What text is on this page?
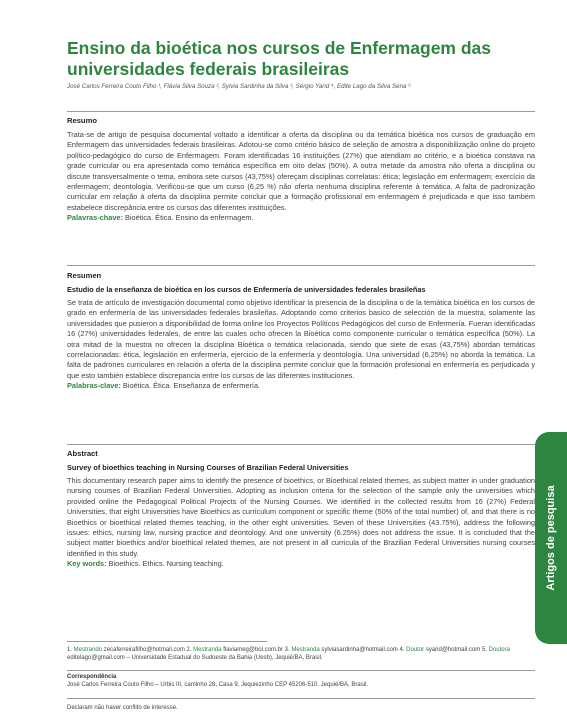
Ensino da bioética nos cursos de Enfermagem das universidades federais brasileiras
José Carlos Ferreira Couto Filho ¹, Flávia Silva Souza ², Sylvia Sardinha da Silva ³, Sérgio Yarid ⁴, Edite Lago da Silva Sena ⁵

Resumo

Trata-se de artigo de pesquisa documental voltado a identificar a oferta da disciplina ou da temática bioética nos cursos de graduação em Enfermagem das universidades federais brasileiras. Adotou-se como critério básico de seleção de amostra a disponibilização online do projeto político-pedagógico do curso de Enfermagem. Foram identificadas 16 instituições (27%) que atendiam ao critério, e a bioética constava na grade curricular ou era apresentada como temática específica em oito delas (50%). A outra metade da amostra não oferta a disciplina ou discute transversalmente o tema, embora sete cursos (43,75%) ofereçam disciplinas correlatas: ética; legislação em enfermagem; exercício da enfermagem; deontologia. Verificou-se que um curso (6,25 %) não oferta nenhuma disciplina referente à temática. A falta de padronização curricular em relação à oferta da disciplina permite concluir que a formação profissional em enfermagem é prejudicada e que isso também estabelece discrepância entre os cursos das diferentes instituições.

Palavras-chave: Bioética. Ética. Ensino da enfermagem.

Resumen

Estudio de la enseñanza de bioética en los cursos de Enfermería de universidades federales brasileñas

Se trata de artículo de investigación documental como objetivo identificar la presencia de la disciplina o de la temática bioética en los cursos de grado en enfermería de las universidades federales brasileñas. Adoptando como criterios basico de selección de la muestra, solamente las universidades que pusieron a disponibilidad de forma online los Proyectos Políticos Pedagógicos del curso de Enfermería. Fueran identificadas 16 (27%) universidades federales, de entre las cuales ocho ofrecen la Bioética como componente curricular o temática específica (50%). La otra mitad de la muestra no ofrecen la disciplina Bioética o temática relacionada, siendo que siete de esas (43,75%) abordan temáticas correlacionadas: ética, legislación en enfermería, ejercicio de la enfermería y deontología. Una universidad (6,25%) no aborda la temática. La falta de padrones curriculares en relación a oferta de la disciplina permite concluir que la formación profesional en enfermería es perjudicada y que esto también establece discrepancia entre los cursos de las diferentes instituciones.

Palabras-clave: Bioética. Ética. Enseñanza de enfermería.

Abstract

Survey of bioethics teaching in Nursing Courses of Brazilian Federal Universities

This documentary research paper aims to identify the presence of bioethics, or Bioethical related themes, as subject matter in under graduation nursing courses of Brazilian Federal Universities. Adopting as inclusion criteria for the selection of the sample only the universities which provided online the Pedagogical Political Projects of the Nursing Courses. We identified in the collected results from 16 (27%) Federal Universities, that eight Universities have Bioethics as curriculum component or specific theme (50% of the total number) of, and that there is no Bioethics or bioethical related themes teaching, in the other eight universities. Seven of these Universities (43.75%), address the following issues: ethics, nursing law, nursing practice and deontology. And one university (6.25%) does not address the issue. It is concluded that the subject matter bioethics and/or bioethical related themes, are not present in all curricula of the Brazilian Federal Universities nursing courses identified in this study.

Key words: Bioethics. Ethics. Nursing teaching.	Artigos de pesquisa
1. Mestrando zecaferreirafilho@hotmail.com 2. Mestranda flaviameg@bol.com.br 3. Mestranda sylviasardinha@hotmail.com 4. Doutor syarid@hotmail.com 5. Doutora editelago@gmail.com – Universidade Estadual do Sudoeste da Bahia (Uesb), Jequié/BA, Brasil.
Correspondência
José Carlos Ferreira Couto Filho – Urbis III, caminho 28, Casa 9, Jequiezinho CEP 45206-510. Jequié/BA, Brasil.
Declaram não haver conflito de interesse.
